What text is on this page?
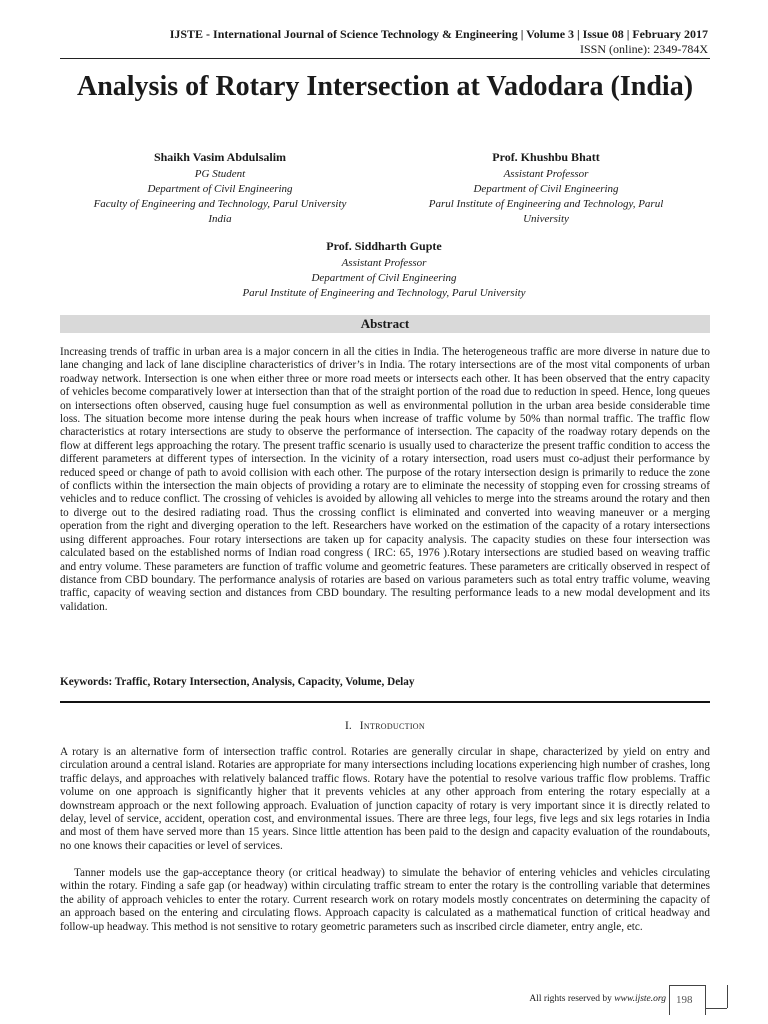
IJSTE - International Journal of Science Technology & Engineering | Volume 3 | Issue 08 | February 2017
ISSN (online): 2349-784X
Analysis of Rotary Intersection at Vadodara (India)
Shaikh Vasim Abdulsalim
PG Student
Department of Civil Engineering
Faculty of Engineering and Technology, Parul University
India
Prof. Khushbu Bhatt
Assistant Professor
Department of Civil Engineering
Parul Institute of Engineering and Technology, Parul
University
Prof. Siddharth Gupte
Assistant Professor
Department of Civil Engineering
Parul Institute of Engineering and Technology, Parul University
Abstract
Increasing trends of traffic in urban area is a major concern in all the cities in India. The heterogeneous traffic are more diverse in nature due to lane changing and lack of lane discipline characteristics of driver’s in India. The rotary intersections are of the most vital components of urban roadway network. Intersection is one when either three or more road meets or intersects each other. It has been observed that the entry capacity of vehicles become comparatively lower at intersection than that of the straight portion of the road due to reduction in speed. Hence, long queues on intersections often observed, causing huge fuel consumption as well as environmental pollution in the urban area beside considerable time loss. The situation become more intense during the peak hours when increase of traffic volume by 50% than normal traffic. The traffic flow characteristics at rotary intersections are study to observe the performance of intersection. The capacity of the roadway rotary depends on the flow at different legs approaching the rotary. The present traffic scenario is usually used to characterize the present traffic condition to access the different parameters at different types of intersection. In the vicinity of a rotary intersection, road users must co-adjust their performance by reduced speed or change of path to avoid collision with each other. The purpose of the rotary intersection design is primarily to reduce the zone of conflicts within the intersection the main objects of providing a rotary are to eliminate the necessity of stopping even for crossing streams of vehicles and to reduce conflict. The crossing of vehicles is avoided by allowing all vehicles to merge into the streams around the rotary and then to diverge out to the desired radiating road. Thus the crossing conflict is eliminated and converted into weaving maneuver or a merging operation from the right and diverging operation to the left. Researchers have worked on the estimation of the capacity of a rotary intersections using different approaches. Four rotary intersections are taken up for capacity analysis. The capacity studies on these four intersection was calculated based on the established norms of Indian road congress ( IRC: 65, 1976 ).Rotary intersections are studied based on weaving traffic and entry volume. These parameters are function of traffic volume and geometric features. These parameters are critically observed in respect of distance from CBD boundary. The performance analysis of rotaries are based on various parameters such as total entry traffic volume, weaving traffic, capacity of weaving section and distances from CBD boundary. The resulting performance leads to a new modal development and its validation.
Keywords: Traffic, Rotary Intersection, Analysis, Capacity, Volume, Delay
I. Introduction
A rotary is an alternative form of intersection traffic control. Rotaries are generally circular in shape, characterized by yield on entry and circulation around a central island. Rotaries are appropriate for many intersections including locations experiencing high number of crashes, long traffic delays, and approaches with relatively balanced traffic flows. Rotary have the potential to resolve various traffic flow problems. Traffic volume on one approach is significantly higher that it prevents vehicles at any other approach from entering the rotary especially at a downstream approach or the next following approach. Evaluation of junction capacity of rotary is very important since it is directly related to delay, level of service, accident, operation cost, and environmental issues. There are three legs, four legs, five legs and six legs rotaries in India and most of them have served more than 15 years. Since little attention has been paid to the design and capacity evaluation of the roundabouts, no one knows their capacities or level of services.
Tanner models use the gap-acceptance theory (or critical headway) to simulate the behavior of entering vehicles and vehicles circulating within the rotary. Finding a safe gap (or headway) within circulating traffic stream to enter the rotary is the controlling variable that determines the ability of approach vehicles to enter the rotary. Current research work on rotary models mostly concentrates on determining the capacity of an approach based on the entering and circulating flows. Approach capacity is calculated as a mathematical function of critical headway and follow-up headway. This method is not sensitive to rotary geometric parameters such as inscribed circle diameter, entry angle, etc.
All rights reserved by www.ijste.org 198
